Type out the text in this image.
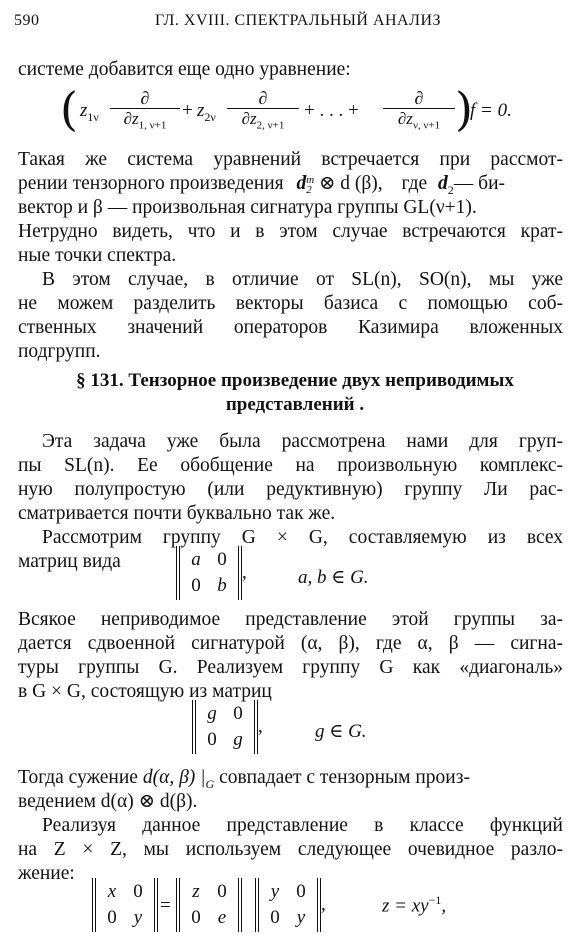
590	ГЛ. XVIII. СПЕКТРАЛЬНЫЙ АНАЛИЗ
системе добавится еще одно уравнение:
( $z_{1\nu}$
∂
$\partial z_{1, \nu+1}$
+ $z_{2\nu}$
∂
$\partial z_{2, \nu+1}$
+ . . . +
∂
$\partial z_{\nu, \nu+1}$ )
f = 0.
Такая же система уравнений встречается при рассмот-
рении тензорного произведения d m
2 ⊗ d (β), где $d_2—$ би-
вектор и β — произвольная сигнатура группы GL(ν+1).
Нетрудно видеть, что и в этом случае встречаются крат-
ные точки спектра.
В этом случае, в отличие от SL(n), SO(n), мы уже
не можем разделить векторы базиса с помощью соб-
ственных значений операторов Казимира вложенных
подгрупп.
§ 131. Тензорное произведение двух неприводимых
представлений .
Эта задача уже была рассмотрена нами для груп-
пы SL(n). Ее обобщение на произвольную комплекс-
ную полупростую (или редуктивную) группу Ли рас-
сматривается почти буквально так же.
Рассмотрим группу G × G, составляемую из всех
матриц вида	a 0
0 b
,	a, b ∈ G.
Всякое неприводимое представление этой группы за-
дается сдвоенной сигнатурой (α, β), где α, β — сигна-
туры группы G. Реализуем группу G как «диагональ»
в G × G, состоящую из матриц
g 0
0 g
,	g ∈ G.
Тогда сужение d(α, β) $|_G$ совпадает с тензорным произ-
ведением d(α) ⊗ d(β).
Реализуя данное представление в классе функций
на Z × Z, мы используем следующее очевидное разло-
жение:
x 0
0 y
=
z 0
0 e
y 0
0 y
,	$z = xy^{-1}$,
